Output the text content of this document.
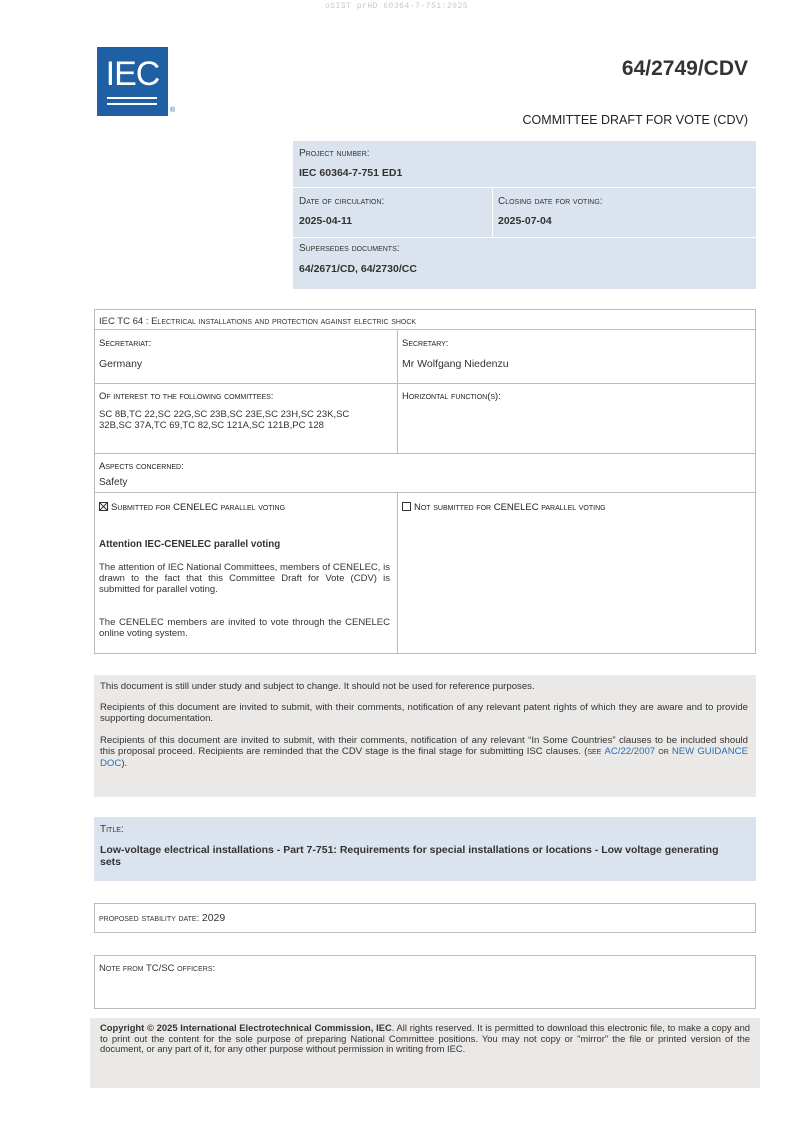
oSIST prHD 60364-7-751:2025
IEC
®
64/2749/CDV
COMMITTEE DRAFT FOR VOTE (CDV)
Project number:
IEC 60364-7-751 ED1
Date of circulation:
2025-04-11
Closing date for voting:
2025-07-04
Supersedes documents:
64/2671/CD, 64/2730/CC
IEC TC 64 : Electrical installations and protection against electric shock
Secretariat:
Germany
Secretary:
Mr Wolfgang Niedenzu
Of interest to the following committees:
SC 8B,TC 22,SC 22G,SC 23B,SC 23E,SC 23H,SC 23K,SC 32B,SC 37A,TC 69,TC 82,SC 121A,SC 121B,PC 128
Horizontal function(s):
Aspects concerned:
Safety
Submitted for CENELEC parallel voting	Not submitted for CENELEC parallel voting
Attention IEC-CENELEC parallel voting
The attention of IEC National Committees, members of CENELEC, is drawn to the fact that this Committee Draft for Vote (CDV) is submitted for parallel voting.
The CENELEC members are invited to vote through the CENELEC online voting system.

This document is still under study and subject to change. It should not be used for reference purposes.

Recipients of this document are invited to submit, with their comments, notification of any relevant patent rights of which they are aware and to provide supporting documentation.

Recipients of this document are invited to submit, with their comments, notification of any relevant “In Some Countries” clauses to be included should this proposal proceed. Recipients are reminded that the CDV stage is the final stage for submitting ISC clauses. (see AC/22/2007 or NEW GUIDANCE DOC).

Title:
Low-voltage electrical installations - Part 7-751: Requirements for special installations or locations - Low voltage generating sets
proposed stability date: 2029
Note from TC/SC officers:

Copyright © 2025 International Electrotechnical Commission, IEC. All rights reserved. It is permitted to download this electronic file, to make a copy and to print out the content for the sole purpose of preparing National Committee positions. You may not copy or "mirror" the file or printed version of the document, or any part of it, for any other purpose without permission in writing from IEC.
